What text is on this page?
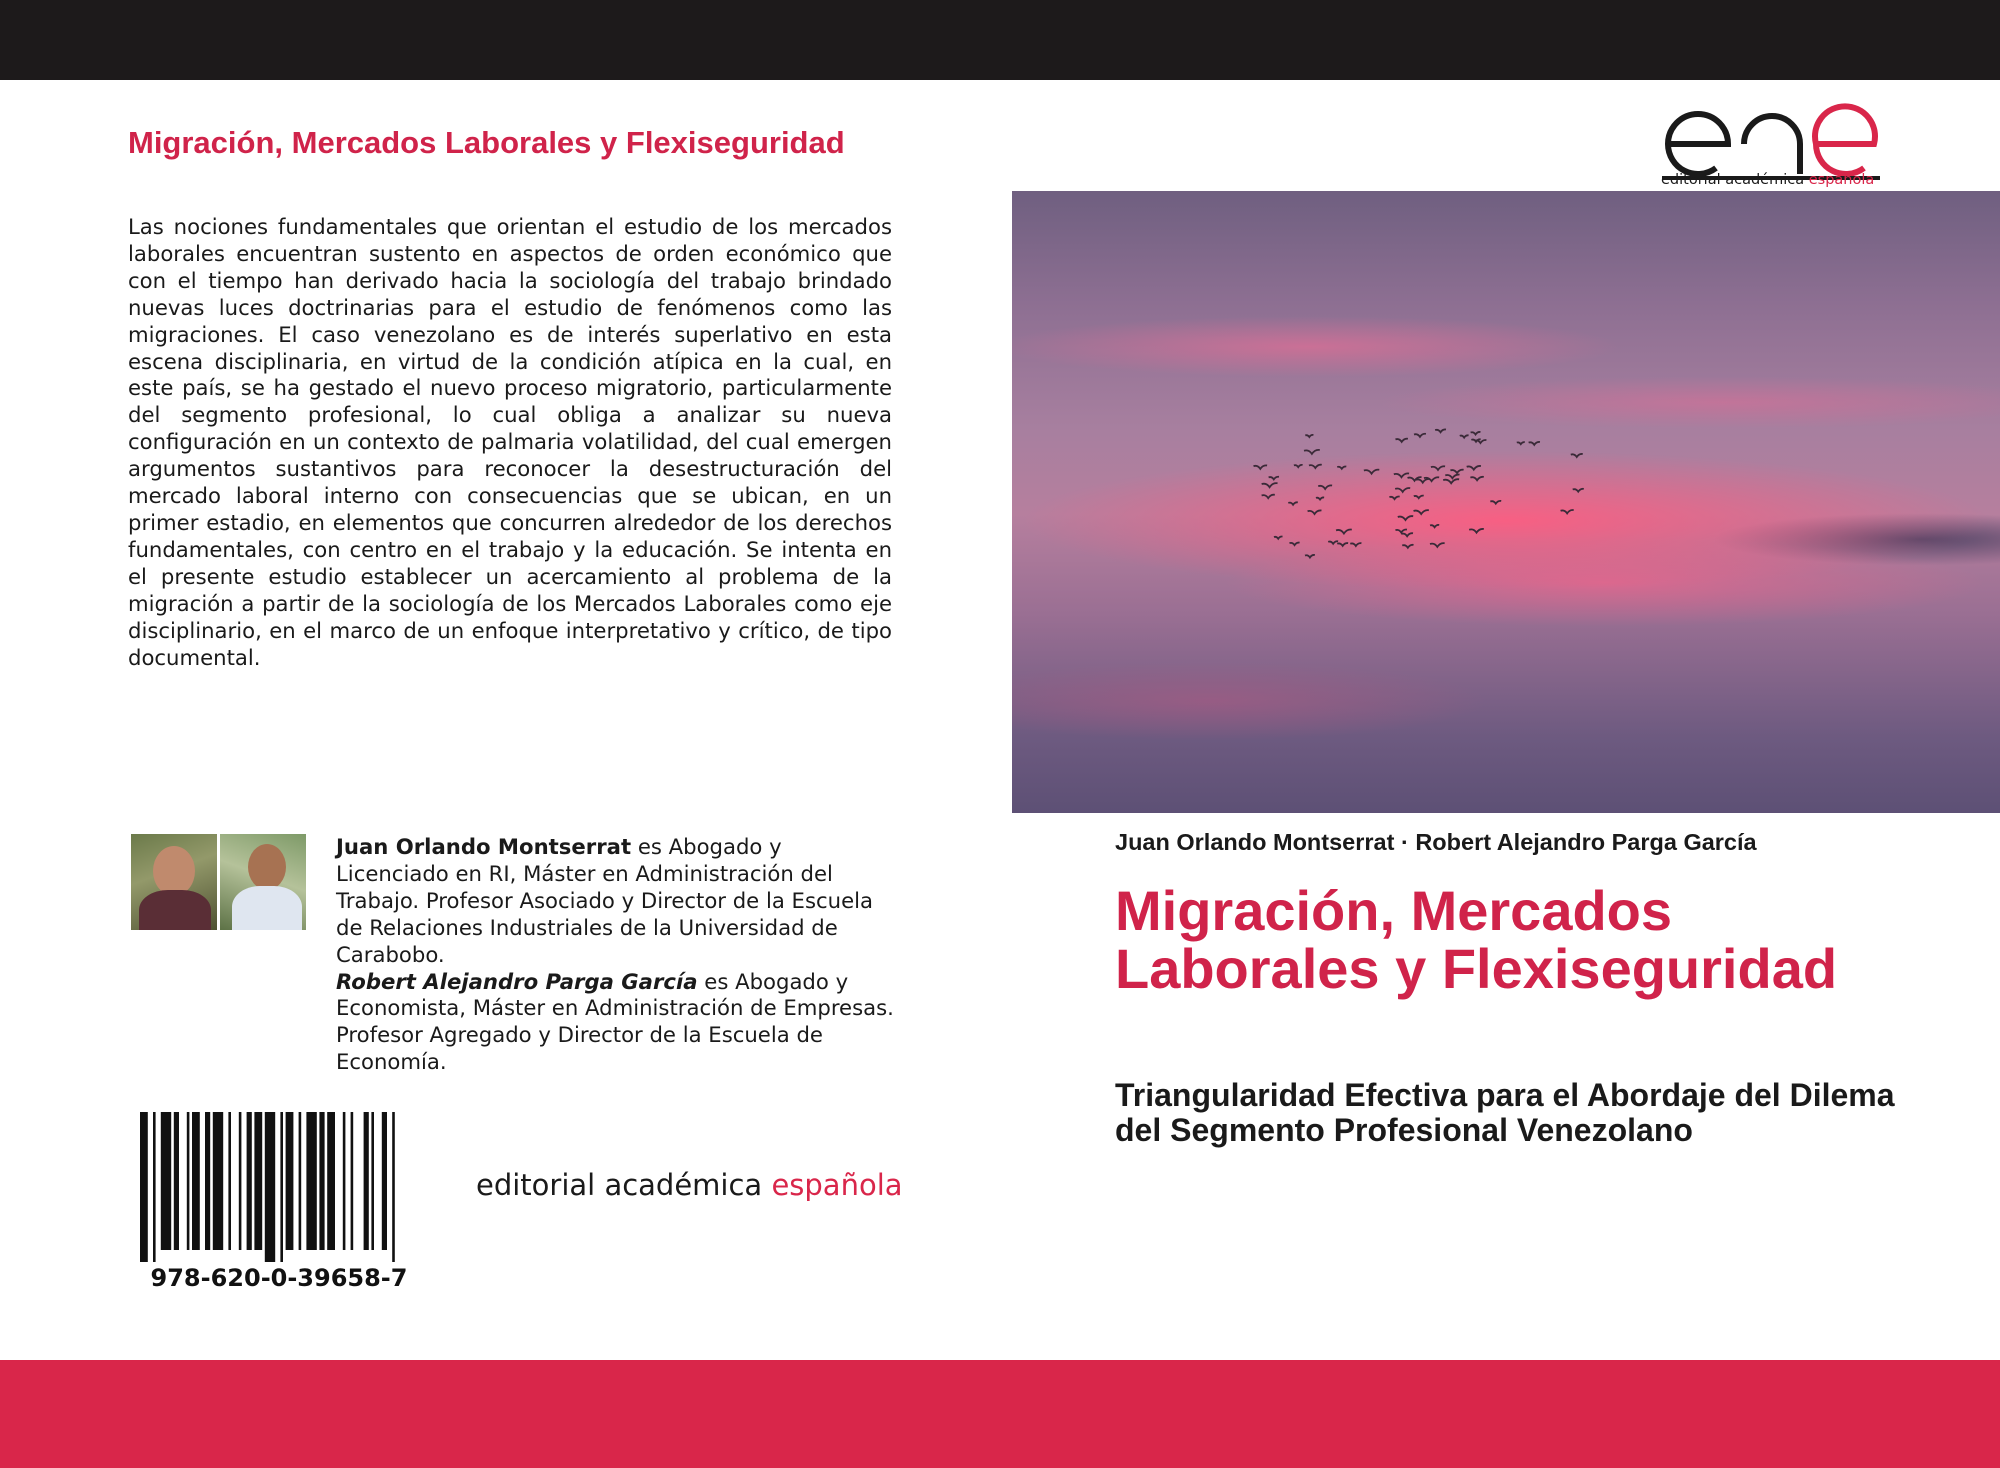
Migración, Mercados Laborales y Flexiseguridad

Las nociones fundamentales que orientan el estudio de los mercados laborales encuentran sustento en aspectos de orden económico que con el tiempo han derivado hacia la sociología del trabajo brindado nuevas luces doctrinarias para el estudio de fenómenos como las migraciones. El caso venezolano es de interés superlativo en esta escena disciplinaria, en virtud de la condición atípica en la cual, en este país, se ha gestado el nuevo proceso migratorio, particularmente del segmento profesional, lo cual obliga a analizar su nueva configuración en un contexto de palmaria volatilidad, del cual emergen argumentos sustantivos para reconocer la desestructuración del mercado laboral interno con consecuencias que se ubican, en un primer estadio, en elementos que concurren alrededor de los derechos fundamentales, con centro en el trabajo y la educación. Se intenta en el presente estudio establecer un acercamiento al problema de la migración a partir de la sociología de los Mercados Laborales como eje disciplinario, en el marco de un enfoque interpretativo y crítico, de tipo documental.

Juan Orlando Montserrat es Abogado y Licenciado en RI, Máster en Administración del Trabajo. Profesor Asociado y Director de la Escuela de Relaciones Industriales de la Universidad de Carabobo.
Robert Alejandro Parga García es Abogado y Economista, Máster en Administración de Empresas. Profesor Agregado y Director de la Escuela de Economía.

978-620-0-39658-7
editorial académica española
editorial académica española
Juan Orlando Montserrat · Robert Alejandro Parga García
Migración, Mercados Laborales y Flexiseguridad
Triangularidad Efectiva para el Abordaje del Dilema del Segmento Profesional Venezolano
